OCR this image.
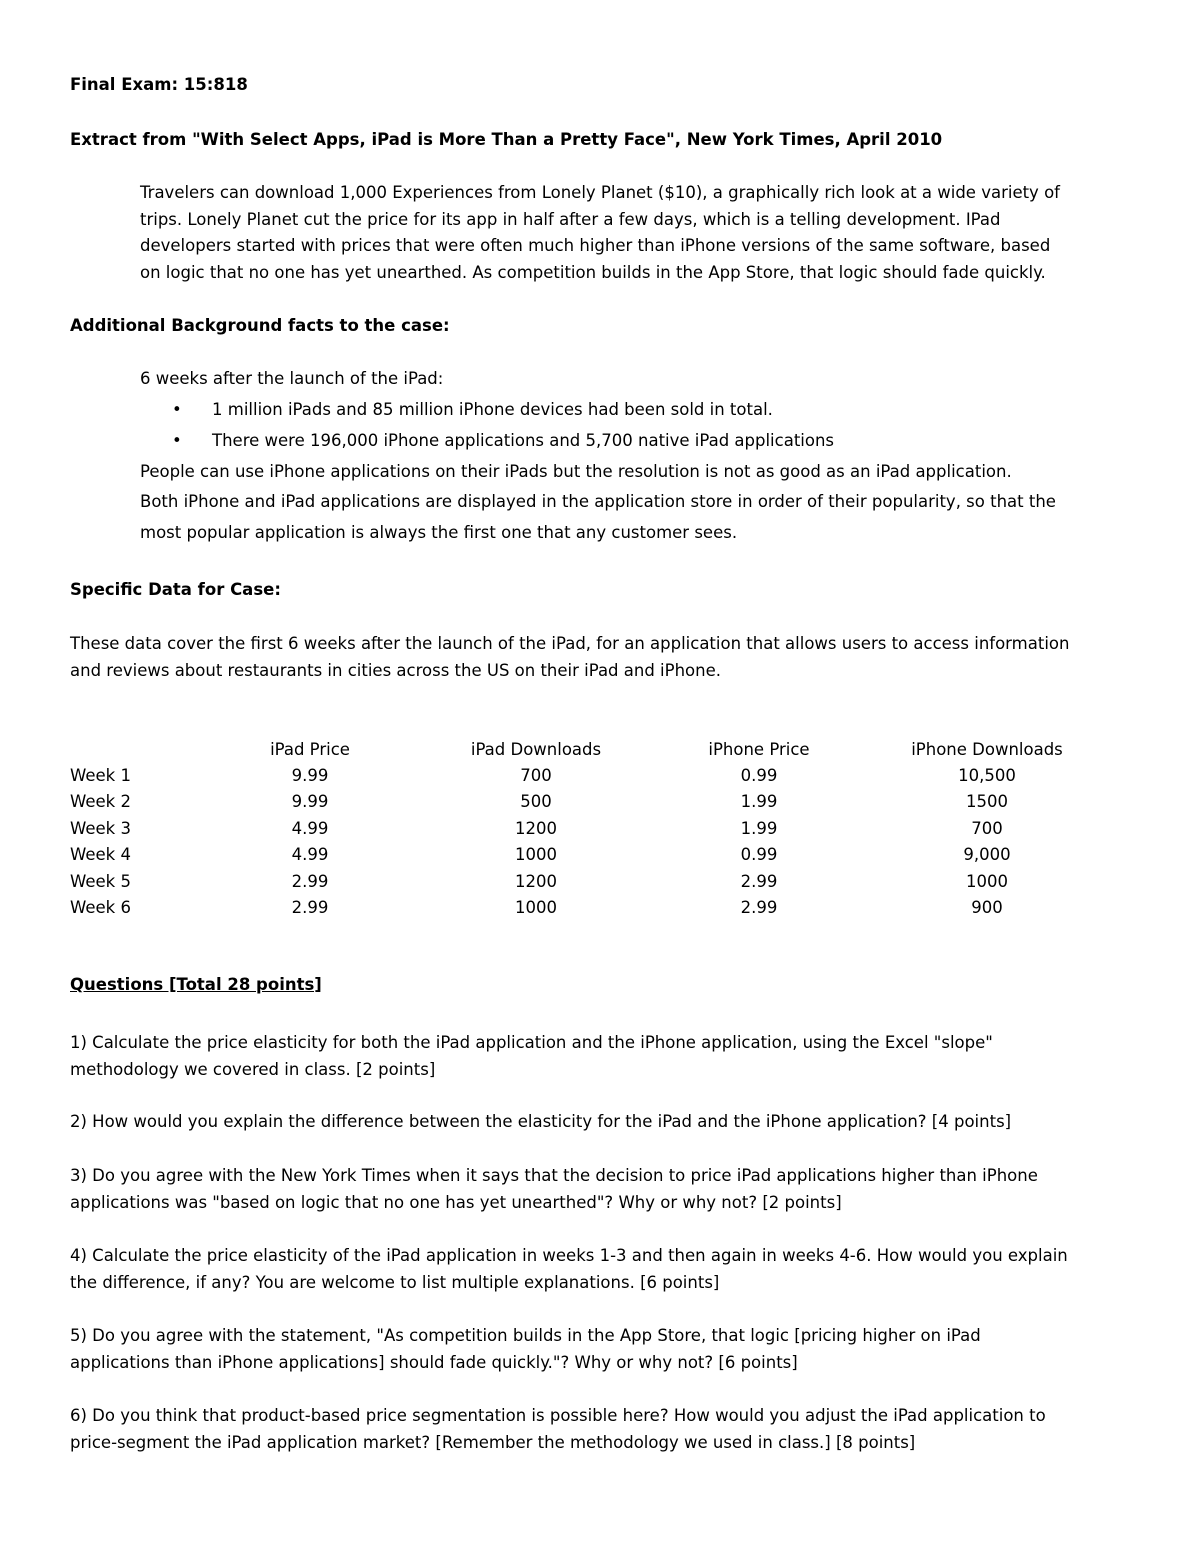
Final Exam: 15:818
Extract from "With Select Apps, iPad is More Than a Pretty Face", New York Times, April 2010
Travelers can download 1,000 Experiences from Lonely Planet ($10), a graphically rich look at a wide variety of
trips. Lonely Planet cut the price for its app in half after a few days, which is a telling development. IPad
developers started with prices that were often much higher than iPhone versions of the same software, based
on logic that no one has yet unearthed. As competition builds in the App Store, that logic should fade quickly.
Additional Background facts to the case:
6 weeks after the launch of the iPad:
•	1 million iPads and 85 million iPhone devices had been sold in total.
•	There were 196,000 iPhone applications and 5,700 native iPad applications
People can use iPhone applications on their iPads but the resolution is not as good as an iPad application.
Both iPhone and iPad applications are displayed in the application store in order of their popularity, so that the
most popular application is always the first one that any customer sees.
Specific Data for Case:
These data cover the first 6 weeks after the launch of the iPad, for an application that allows users to access information
and reviews about restaurants in cities across the US on their iPad and iPhone.
	iPad Price	iPad Downloads	iPhone Price	iPhone Downloads
Week 1	9.99	700	0.99	10,500
Week 2	9.99	500	1.99	1500
Week 3	4.99	1200	1.99	700
Week 4	4.99	1000	0.99	9,000
Week 5	2.99	1200	2.99	1000
Week 6	2.99	1000	2.99	900
Questions [Total 28 points]
1) Calculate the price elasticity for both the iPad application and the iPhone application, using the Excel "slope"
methodology we covered in class. [2 points]
2) How would you explain the difference between the elasticity for the iPad and the iPhone application? [4 points]
3) Do you agree with the New York Times when it says that the decision to price iPad applications higher than iPhone
applications was "based on logic that no one has yet unearthed"? Why or why not? [2 points]
4) Calculate the price elasticity of the iPad application in weeks 1-3 and then again in weeks 4-6. How would you explain
the difference, if any? You are welcome to list multiple explanations. [6 points]
5) Do you agree with the statement, "As competition builds in the App Store, that logic [pricing higher on iPad
applications than iPhone applications] should fade quickly."? Why or why not? [6 points]
6) Do you think that product-based price segmentation is possible here? How would you adjust the iPad application to
price-segment the iPad application market? [Remember the methodology we used in class.] [8 points]
